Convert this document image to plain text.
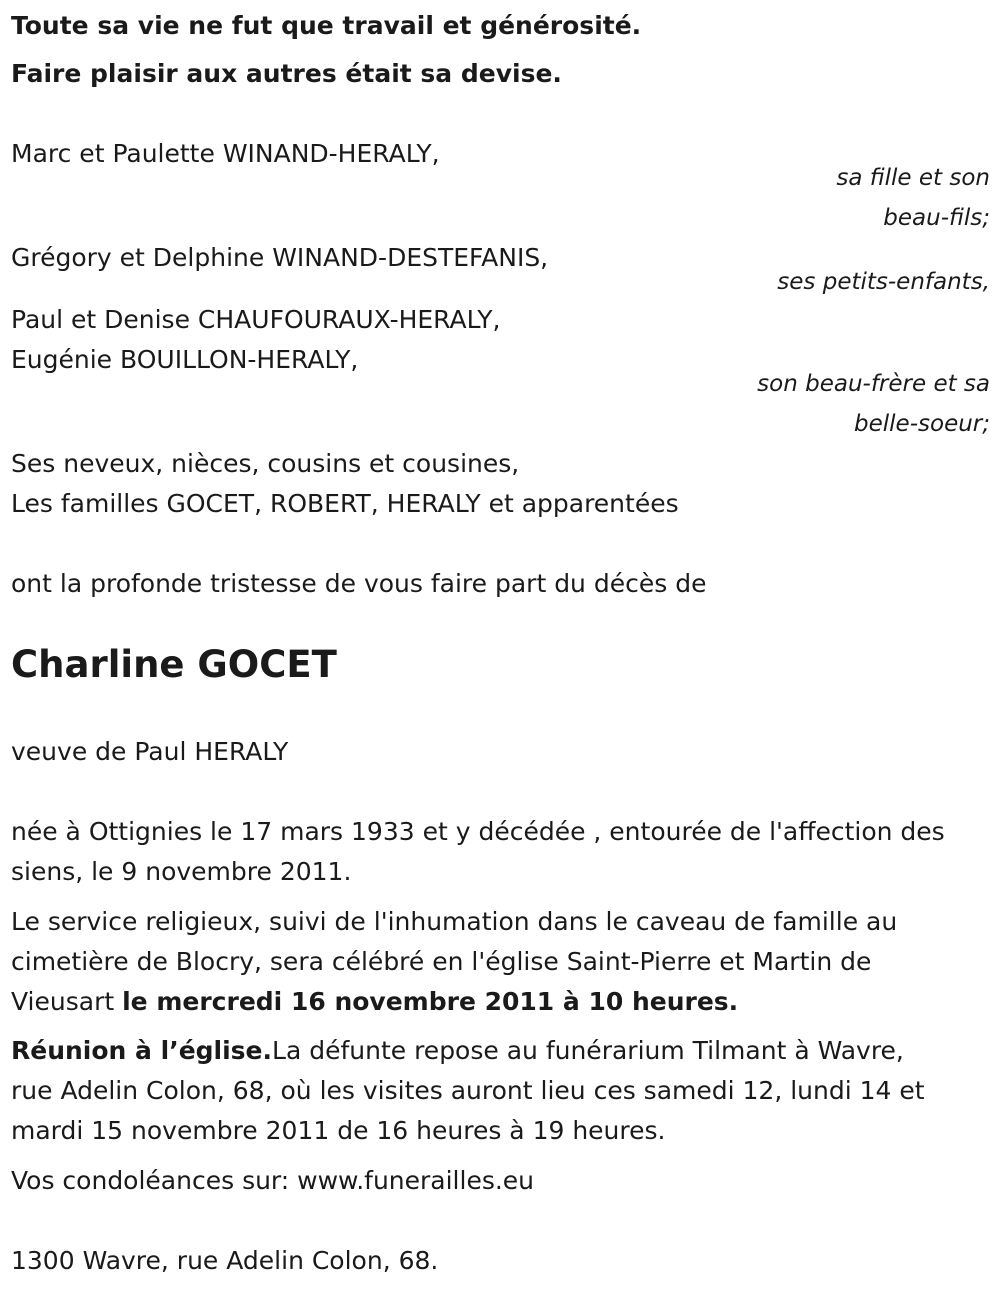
Toute sa vie ne fut que travail et générosité.

Faire plaisir aux autres était sa devise.

Marc et Paulette WINAND-HERALY,

sa fille et son

beau-fils;

Grégory et Delphine WINAND-DESTEFANIS,

ses petits-enfants,

Paul et Denise CHAUFOURAUX-HERALY,

Eugénie BOUILLON-HERALY,

son beau-frère et sa

belle-soeur;

Ses neveux, nièces, cousins et cousines,

Les familles GOCET, ROBERT, HERALY et apparentées

ont la profonde tristesse de vous faire part du décès de

Charline GOCET

veuve de Paul HERALY

née à Ottignies le 17 mars 1933 et y décédée , entourée de l'affection des

siens, le 9 novembre 2011.

Le service religieux, suivi de l'inhumation dans le caveau de famille au

cimetière de Blocry, sera célébré en l'église Saint-Pierre et Martin de

Vieusart le mercredi 16 novembre 2011 à 10 heures.

Réunion à l’église.La défunte repose au funérarium Tilmant à Wavre,

rue Adelin Colon, 68, où les visites auront lieu ces samedi 12, lundi 14 et

mardi 15 novembre 2011 de 16 heures à 19 heures.

Vos condoléances sur: www.funerailles.eu

1300 Wavre, rue Adelin Colon, 68.
